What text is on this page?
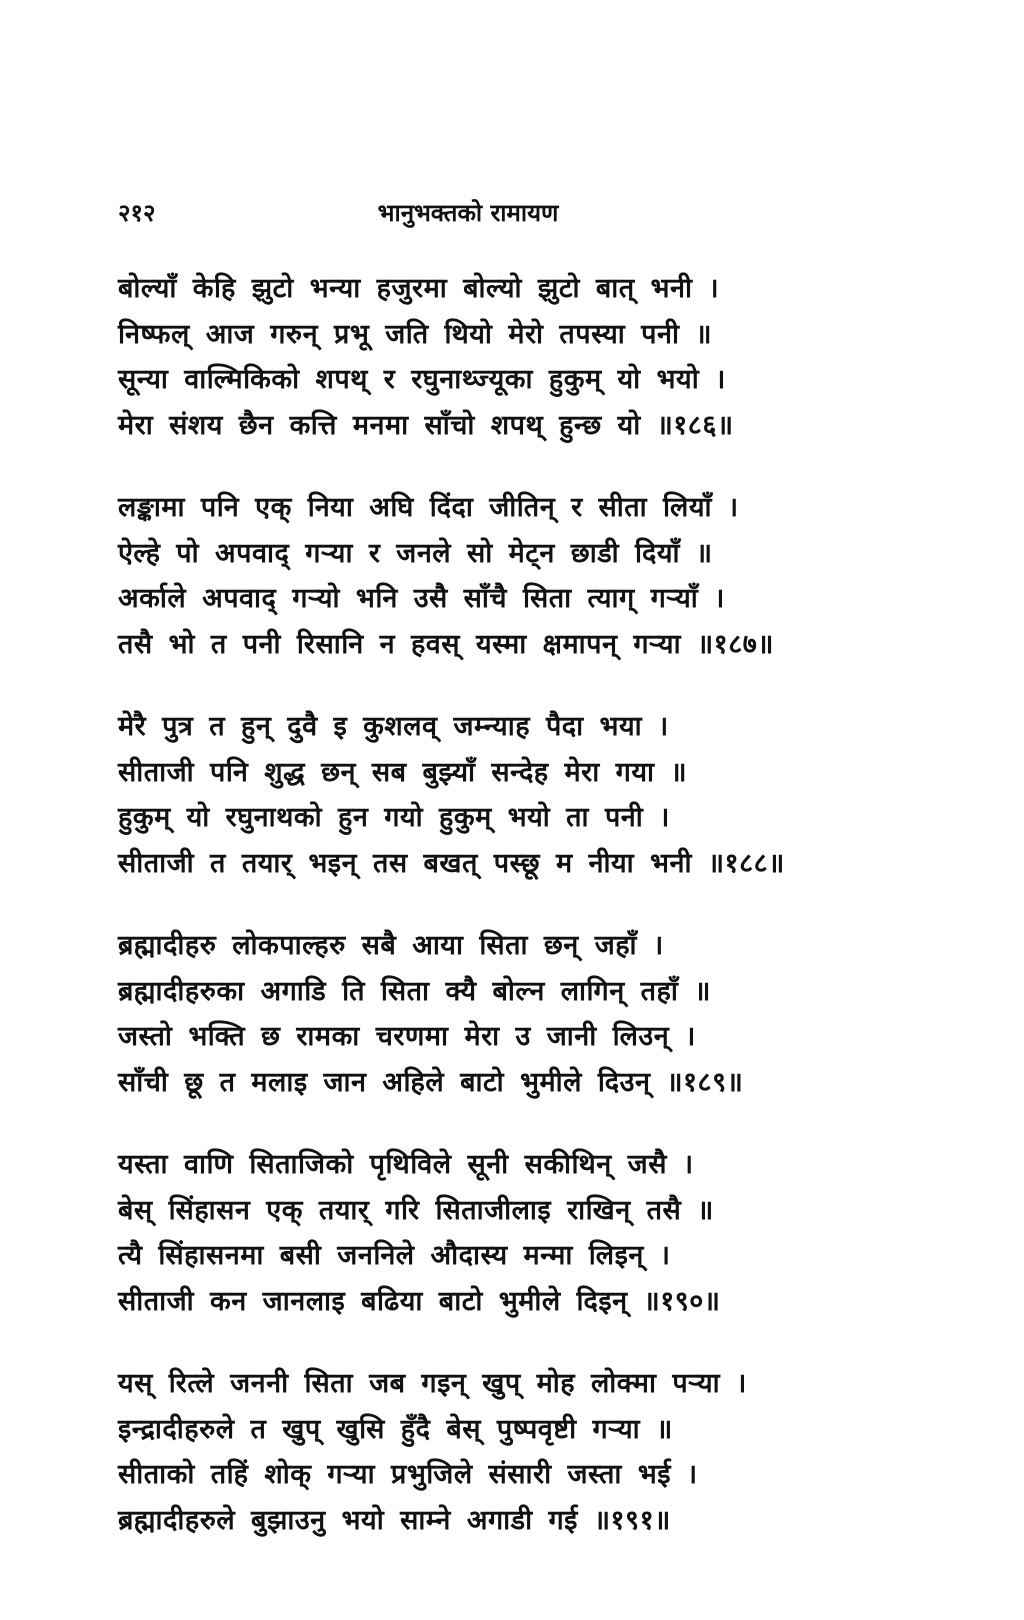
२१२	भानुभक्तको रामायण
बोल्याँ केहि झुटो भन्या हजुरमा बोल्यो झुटो बात् भनी ।
निष्फल् आज गरुन् प्रभू जति थियो मेरो तपस्या पनी ॥
सून्या वाल्मिकिको शपथ् र रघुनाथ्ज्यूका हुकुम् यो भयो ।
मेरा संशय छैन कत्ति मनमा साँचो शपथ् हुन्छ यो ॥१८६॥
लङ्कामा पनि एक् निया अघि दिंदा जीतिन् र सीता लियाँ ।
ऐल्हे पो अपवाद् गऱ्या र जनले सो मेट्न छाडी दियाँ ॥
अर्काले अपवाद् गऱ्यो भनि उसै साँचै सिता त्याग् गऱ्याँ ।
तसै भो त पनी रिसानि न हवस् यस्मा क्षमापन् गऱ्या ॥१८७॥
मेरै पुत्र त हुन् दुवै इ कुशलव् जम्न्याह पैदा भया ।
सीताजी पनि शुद्ध छन् सब बुझ्याँ सन्देह मेरा गया ॥
हुकुम् यो रघुनाथको हुन गयो हुकुम् भयो ता पनी ।
सीताजी त तयार् भइन् तस बखत् पस्छू म नीया भनी ॥१८८॥
ब्रह्मादीहरु लोकपाल्हरु सबै आया सिता छन् जहाँ ।
ब्रह्मादीहरुका अगाडि ति सिता क्यै बोल्न लागिन् तहाँ ॥
जस्तो भक्ति छ रामका चरणमा मेरा उ जानी लिउन् ।
साँची छू त मलाइ जान अहिले बाटो भुमीले दिउन् ॥१८९॥
यस्ता वाणि सिताजिको पृथिविले सूनी सकीथिन् जसै ।
बेस् सिंहासन एक् तयार् गरि सिताजीलाइ राखिन् तसै ॥
त्यै सिंहासनमा बसी जननिले औदास्य मन्मा लिइन् ।
सीताजी कन जानलाइ बढिया बाटो भुमीले दिइन् ॥१९०॥
यस् रित्ले जननी सिता जब गइन् खुप् मोह लोक्मा पऱ्या ।
इन्द्रादीहरुले त खुप् खुसि हुँदै बेस् पुष्पवृष्टी गऱ्या ॥
सीताको तहिं शोक् गऱ्या प्रभुजिले संसारी जस्ता भई ।
ब्रह्मादीहरुले बुझाउनु भयो साम्ने अगाडी गई ॥१९१॥
